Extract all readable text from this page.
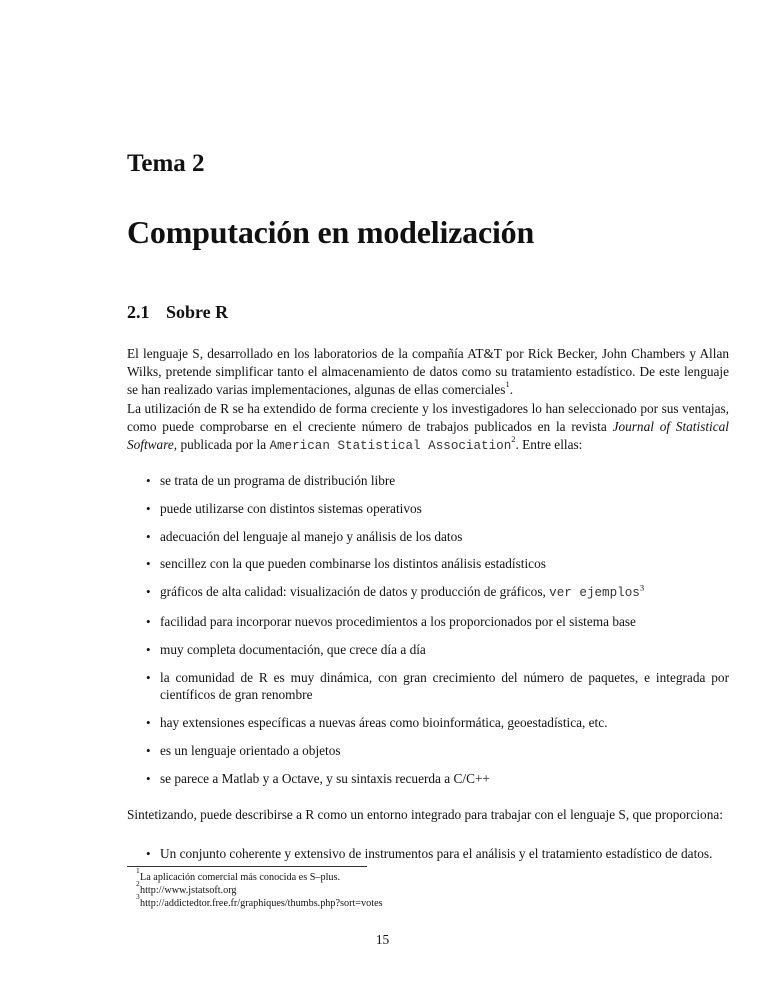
Tema 2
Computación en modelización
2.1 Sobre R
El lenguaje S, desarrollado en los laboratorios de la compañía AT&T por Rick Becker, John Chambers y Allan Wilks, pretende simplificar tanto el almacenamiento de datos como su tratamiento estadístico. De este lenguaje se han realizado varias implementaciones, algunas de ellas comerciales$^1$.
La utilización de R se ha extendido de forma creciente y los investigadores lo han seleccionado por sus ventajas, como puede comprobarse en el creciente número de trabajos publicados en la revista Journal of Statistical Software, publicada por la American Statistical Association$^2$. Entre ellas:
• se trata de un programa de distribución libre
• puede utilizarse con distintos sistemas operativos
• adecuación del lenguaje al manejo y análisis de los datos
• sencillez con la que pueden combinarse los distintos análisis estadísticos
• gráficos de alta calidad: visualización de datos y producción de gráficos, ver ejemplos$^3$
• facilidad para incorporar nuevos procedimientos a los proporcionados por el sistema base
• muy completa documentación, que crece día a día
• la comunidad de R es muy dinámica, con gran crecimiento del número de paquetes, e integrada por científicos de gran renombre
• hay extensiones específicas a nuevas áreas como bioinformática, geoestadística, etc.
• es un lenguaje orientado a objetos
• se parece a Matlab y a Octave, y su sintaxis recuerda a C/C++
Sintetizando, puede describirse a R como un entorno integrado para trabajar con el lenguaje S, que proporciona:
• Un conjunto coherente y extensivo de instrumentos para el análisis y el tratamiento estadístico de datos.
1
La aplicación comercial más conocida es S–plus.
2
http://www.jstatsoft.org
3
http://addictedtor.free.fr/graphiques/thumbs.php?sort=votes
15
